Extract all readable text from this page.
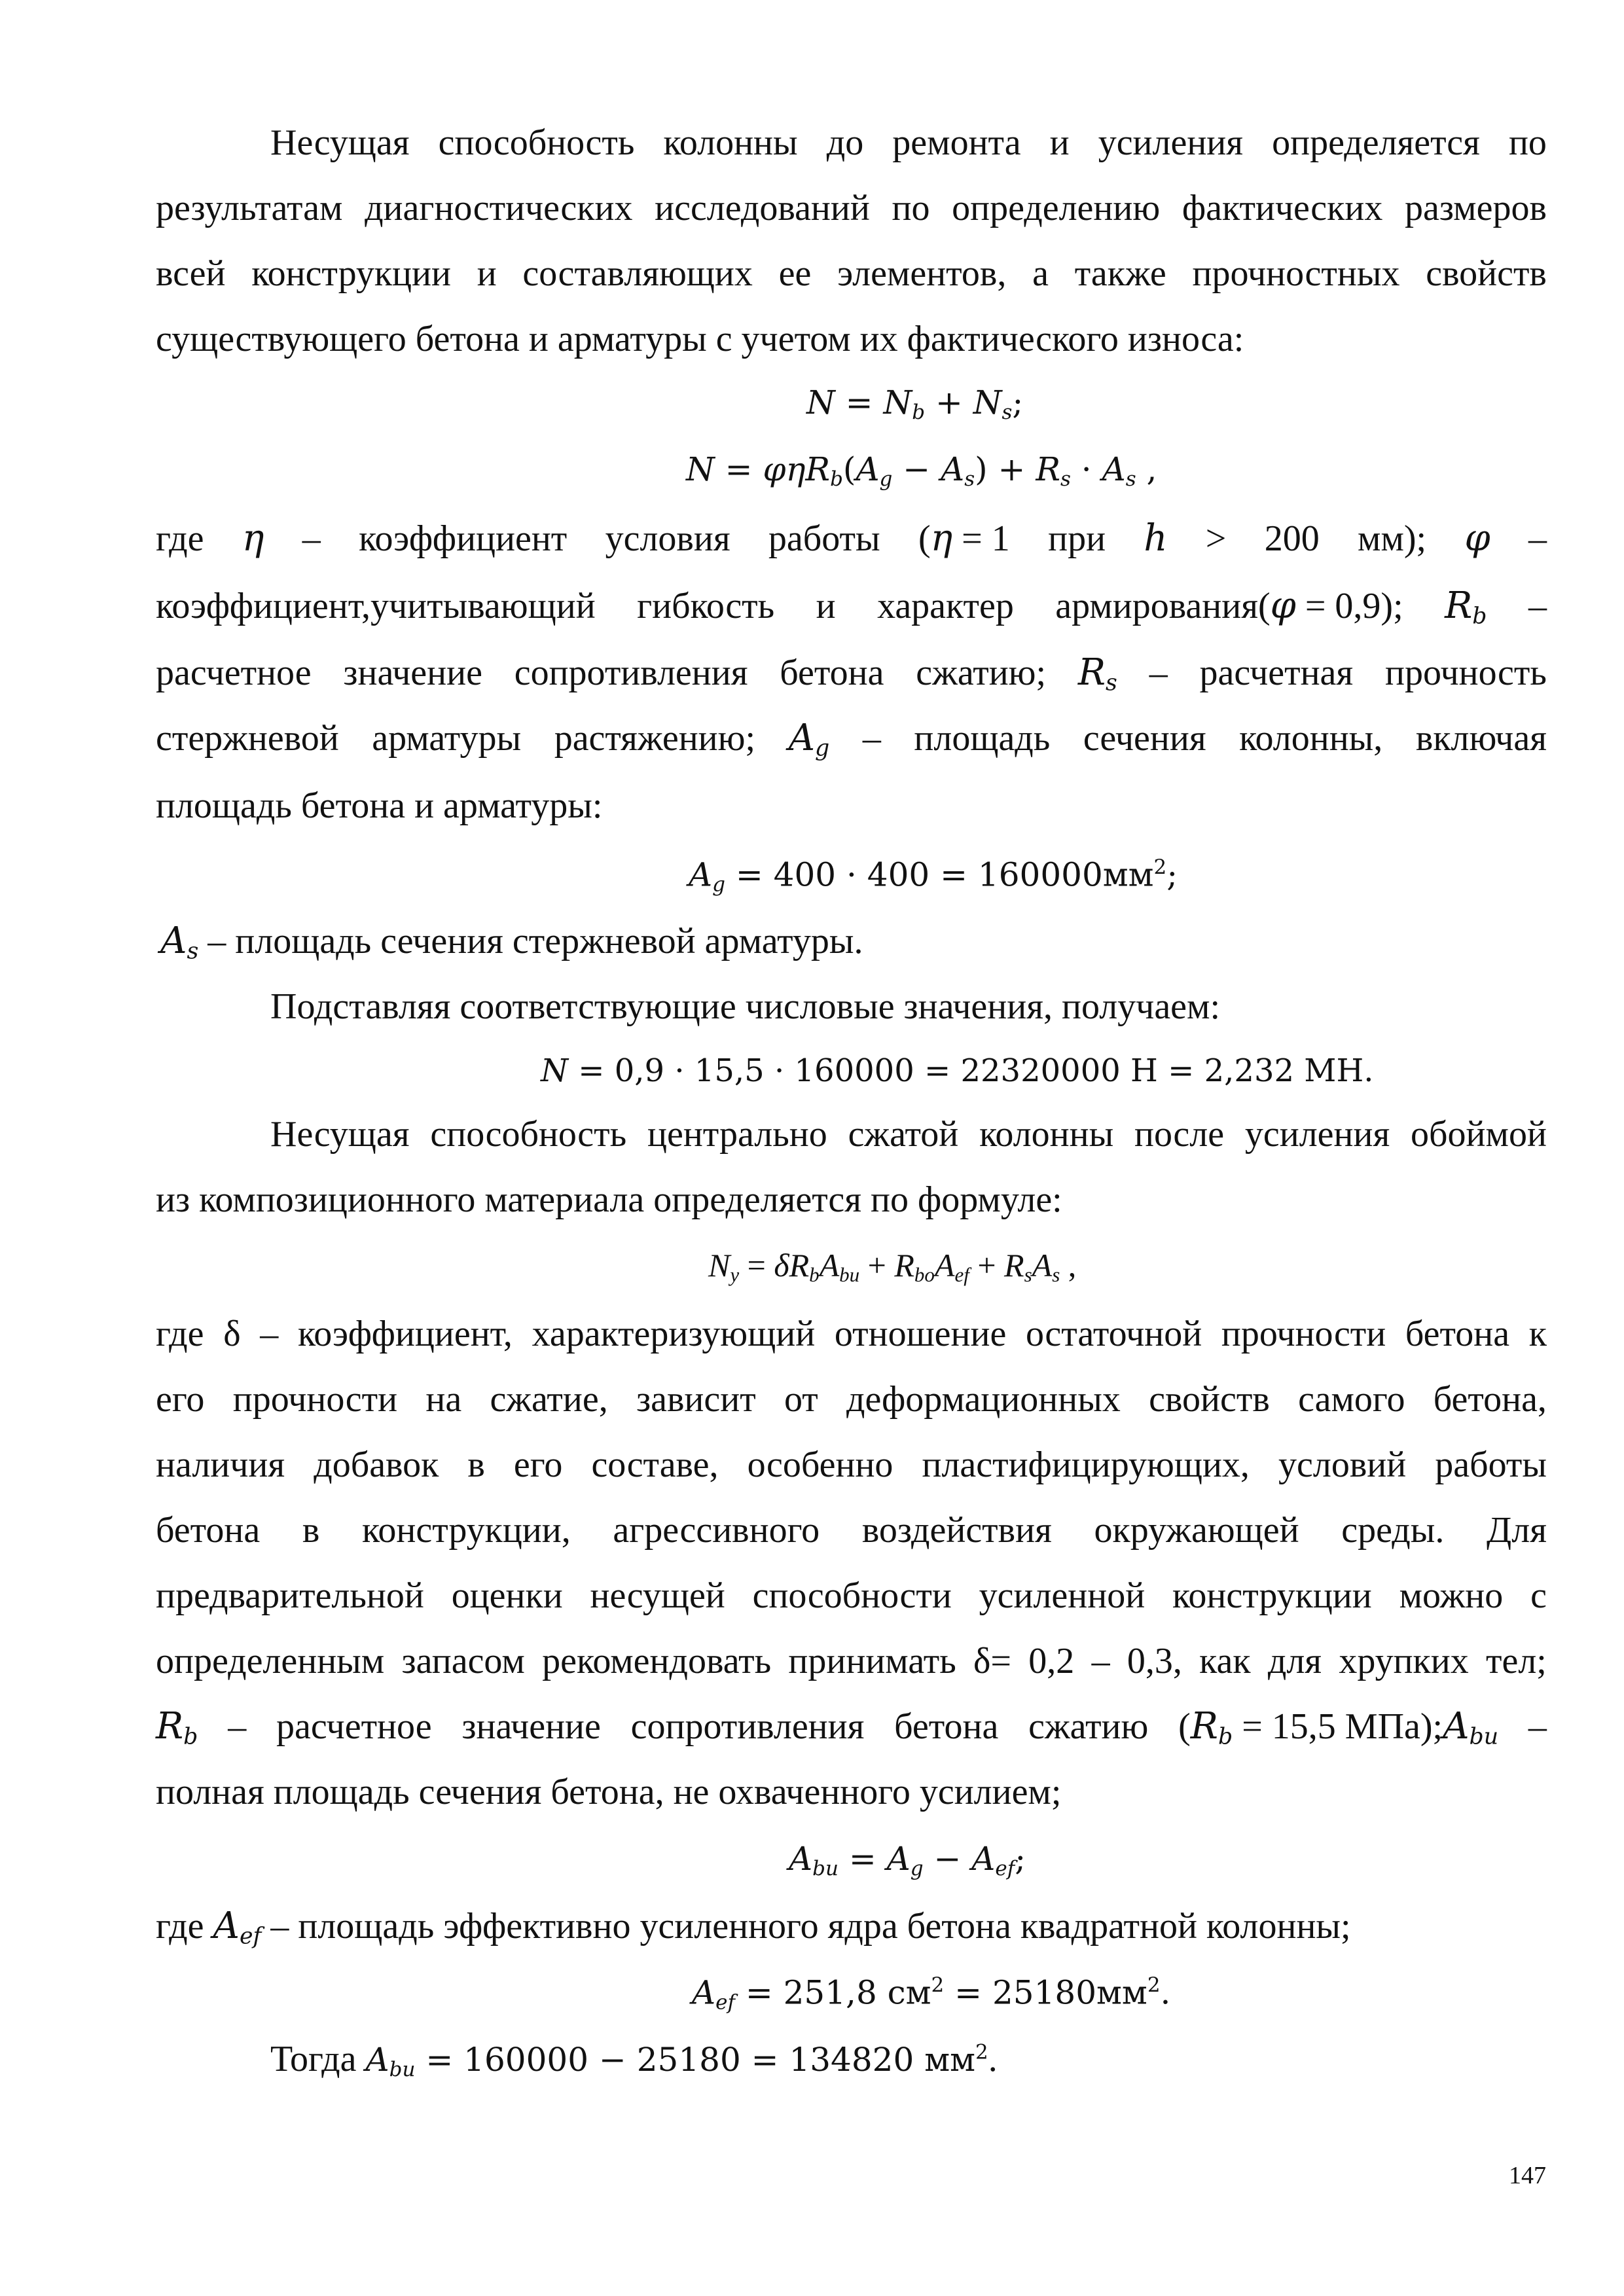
Несущая способность колонны до ремонта и усиления определяется по
результатам диагностических исследований по определению фактических размеров
всей конструкции и составляющих ее элементов, а также прочностных свойств
существующего бетона и арматуры с учетом их фактического износа:
$N = N_b + N_s$;
$N = \varphi\eta R_b(A_g - A_s) + R_s \cdot A_s$ ,
где η – коэффициент условия работы (η = 1 при h > 200 мм); φ –
коэффициент,учитывающий гибкость и характер армирования(φ = 0,9); $R_b$ –
расчетное значение сопротивления бетона сжатию; $R_s$ – расчетная прочность
стержневой арматуры растяжению; $A_g$ – площадь сечения колонны, включая
площадь бетона и арматуры:
$A_g = 400 \cdot 400 = 160000мм^2$;
$A_s$ – площадь сечения стержневой арматуры.
Подставляя соответствующие числовые значения, получаем:
N = 0,9 · 15,5 · 160000 = 22320000 Н = 2,232 МН.
Несущая способность центрально сжатой колонны после усиления обоймой
из композиционного материала определяется по формуле:
$N_y = \delta R_bA_{bu} + R_{bo}A_{ef} + R_sA_s$ ,
где δ – коэффициент, характеризующий отношение остаточной прочности бетона к
его прочности на сжатие, зависит от деформационных свойств самого бетона,
наличия добавок в его составе, особенно пластифицирующих, условий работы
бетона в конструкции, агрессивного воздействия окружающей среды. Для
предварительной оценки несущей способности усиленной конструкции можно с
определенным запасом рекомендовать принимать δ= 0,2 – 0,3, как для хрупких тел;
$R_b$ – расчетное значение сопротивления бетона сжатию ($R_b = 15,5$ $МПа);A_{bu}$ –
полная площадь сечения бетона, не охваченного усилием;
$A_{bu} = A_g - A_{ef}$;
где $A_{ef}$ – площадь эффективно усиленного ядра бетона квадратной колонны;
$A_{ef} = 251,8$ $см^2 = 25180мм^2$.
Тогда $A_{bu} = 160000 - 25180 = 134820$ $мм^2$.
147
